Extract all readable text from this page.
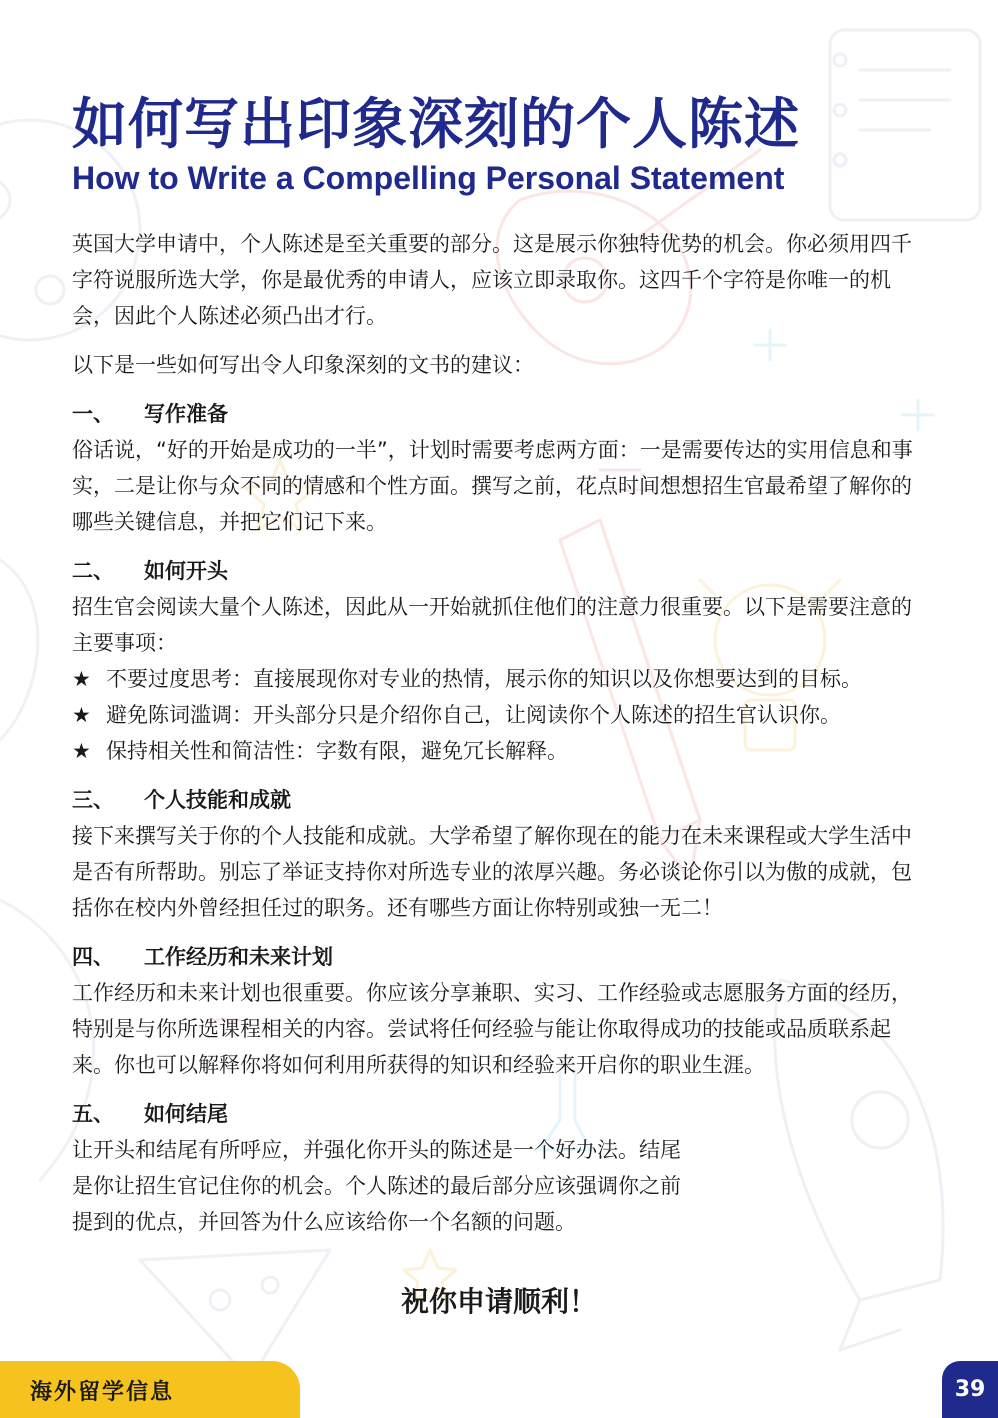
如何写出印象深刻的个人陈述
How to Write a Compelling Personal Statement

英国大学申请中，个人陈述是至关重要的部分。这是展示你独特优势的机会。你必须用四千字符说服所选大学，你是最优秀的申请人，应该立即录取你。这四千个字符是你唯一的机会，因此个人陈述必须凸出才行。

以下是一些如何写出令人印象深刻的文书的建议：

一、	写作准备

俗话说，“好的开始是成功的一半”，计划时需要考虑两方面：一是需要传达的实用信息和事实，二是让你与众不同的情感和个性方面。撰写之前，花点时间想想招生官最希望了解你的哪些关键信息，并把它们记下来。

二、	如何开头

招生官会阅读大量个人陈述，因此从一开始就抓住他们的注意力很重要。以下是需要注意的主要事项：

★ 不要过度思考：直接展现你对专业的热情，展示你的知识以及你想要达到的目标。

★ 避免陈词滥调：开头部分只是介绍你自己，让阅读你个人陈述的招生官认识你。

★ 保持相关性和简洁性：字数有限，避免冗长解释。

三、	个人技能和成就

接下来撰写关于你的个人技能和成就。大学希望了解你现在的能力在未来课程或大学生活中是否有所帮助。别忘了举证支持你对所选专业的浓厚兴趣。务必谈论你引以为傲的成就，包括你在校内外曾经担任过的职务。还有哪些方面让你特别或独一无二！

四、	工作经历和未来计划

工作经历和未来计划也很重要。你应该分享兼职、实习、工作经验或志愿服务方面的经历，特别是与你所选课程相关的内容。尝试将任何经验与能让你取得成功的技能或品质联系起来。你也可以解释你将如何利用所获得的知识和经验来开启你的职业生涯。

五、	如何结尾

让开头和结尾有所呼应，并强化你开头的陈述是一个好办法。结尾是你让招生官记住你的机会。个人陈述的最后部分应该强调你之前提到的优点，并回答为什么应该给你一个名额的问题。

祝你申请顺利！

海外留学信息	39
